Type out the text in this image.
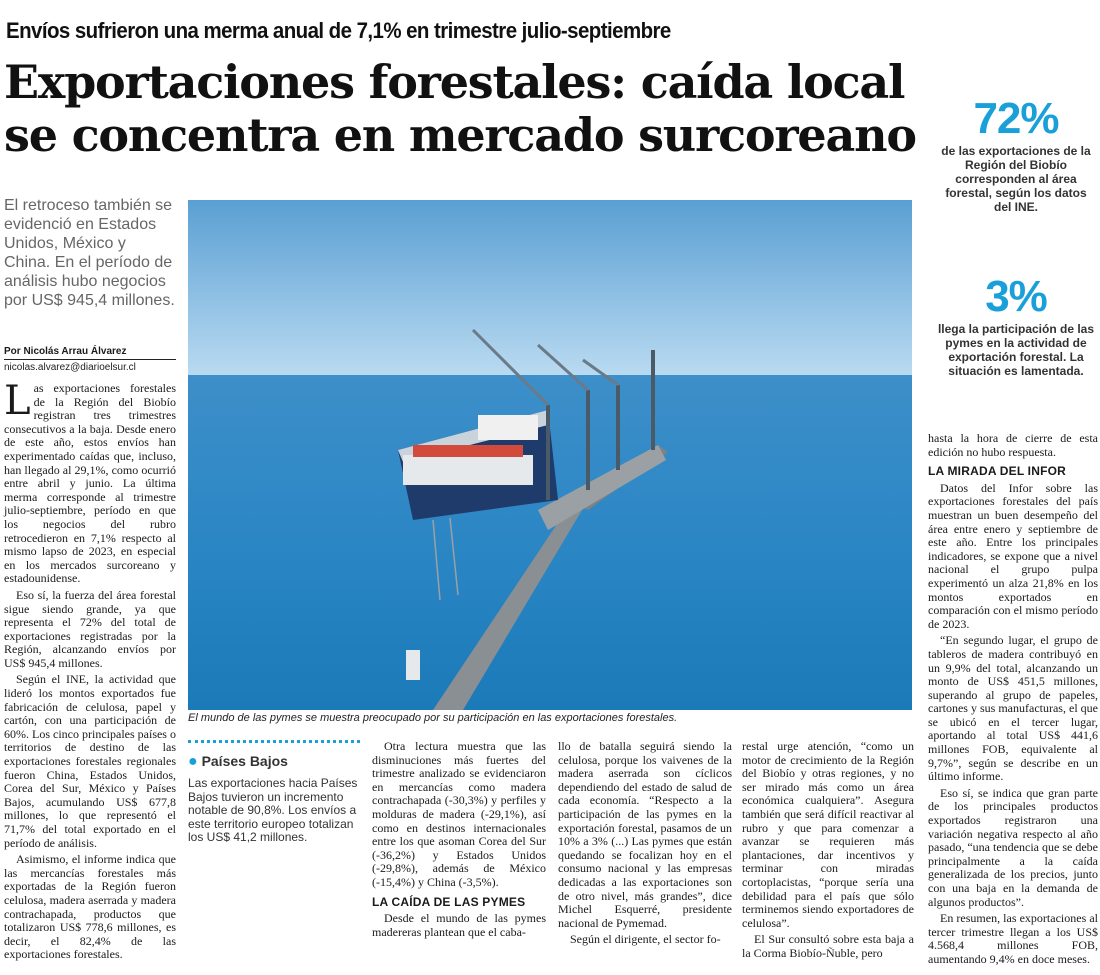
Envíos sufrieron una merma anual de 7,1% en trimestre julio-septiembre
Exportaciones forestales: caída local
se concentra en mercado surcoreano	72%
de las exportaciones de la Región del Biobío corresponden al área forestal, según los datos del INE.
3%
llega la participación de las pymes en la actividad de exportación forestal. La situación es lamentada.
El retroceso también se evidenció en Estados Unidos, México y China. En el período de análisis hubo negocios por US$ 945,4 millones.
Por Nicolás Arrau Álvarez
nicolas.alvarez@diarioelsur.cl
El mundo de las pymes se muestra preocupado por su participación en las exportaciones forestales.

Las exportaciones forestales de la Región del Biobío registran tres trimestres consecutivos a la baja. Desde enero de este año, estos envíos han experimentado caídas que, incluso, han llegado al 29,1%, como ocurrió entre abril y junio. La última merma corresponde al trimestre julio-septiembre, período en que los negocios del rubro retrocedieron en 7,1% respecto al mismo lapso de 2023, en especial en los mercados surcoreano y estadounidense.

Eso sí, la fuerza del área forestal sigue siendo grande, ya que representa el 72% del total de exportaciones registradas por la Región, alcanzando envíos por US$ 945,4 millones.

Según el INE, la actividad que lideró los montos exportados fue fabricación de celulosa, papel y cartón, con una participación de 60%. Los cinco principales países o territorios de destino de las exportaciones forestales regionales fueron China, Estados Unidos, Corea del Sur, México y Países Bajos, acumulando US$ 677,8 millones, lo que representó el 71,7% del total exportado en el período de análisis.

Asimismo, el informe indica que las mercancías forestales más exportadas de la Región fueron celulosa, madera aserrada y madera contrachapada, productos que totalizaron US$ 778,6 millones, es decir, el 82,4% de las exportaciones forestales.

● Países Bajos
Las exportaciones hacia Países Bajos tuvieron un incremento notable de 90,8%. Los envíos a este territorio europeo totalizan los US$ 41,2 millones.

Otra lectura muestra que las disminuciones más fuertes del trimestre analizado se evidenciaron en mercancías como madera contrachapada (-30,3%) y perfiles y molduras de madera (-29,1%), así como en destinos internacionales entre los que asoman Corea del Sur (-36,2%) y Estados Unidos (-29,8%), además de México (-15,4%) y China (-3,5%).

LA CAÍDA DE LAS PYMES

Desde el mundo de las pymes madereras plantean que el caba-

llo de batalla seguirá siendo la celulosa, porque los vaivenes de la madera aserrada son cíclicos dependiendo del estado de salud de cada economía. “Respecto a la participación de las pymes en la exportación forestal, pasamos de un 10% a 3% (...) Las pymes que están quedando se focalizan hoy en el consumo nacional y las empresas dedicadas a las exportaciones son de otro nivel, más grandes”, dice Michel Esquerré, presidente nacional de Pymemad.

Según el dirigente, el sector fo-

restal urge atención, “como un motor de crecimiento de la Región del Biobío y otras regiones, y no ser mirado más como un área económica cualquiera”. Asegura también que será difícil reactivar al rubro y que para comenzar a avanzar se requieren más plantaciones, dar incentivos y terminar con miradas cortoplacistas, “porque sería una debilidad para el país que sólo terminemos siendo exportadores de celulosa”.

El Sur consultó sobre esta baja a la Corma Biobío-Ñuble, pero

hasta la hora de cierre de esta edición no hubo respuesta.

LA MIRADA DEL INFOR

Datos del Infor sobre las exportaciones forestales del país muestran un buen desempeño del área entre enero y septiembre de este año. Entre los principales indicadores, se expone que a nivel nacional el grupo pulpa experimentó un alza 21,8% en los montos exportados en comparación con el mismo período de 2023.

“En segundo lugar, el grupo de tableros de madera contribuyó en un 9,9% del total, alcanzando un monto de US$ 451,5 millones, superando al grupo de papeles, cartones y sus manufacturas, el que se ubicó en el tercer lugar, aportando al total US$ 441,6 millones FOB, equivalente al 9,7%”, según se describe en un último informe.

Eso sí, se indica que gran parte de los principales productos exportados registraron una variación negativa respecto al año pasado, “una tendencia que se debe principalmente a la caída generalizada de los precios, junto con una baja en la demanda de algunos productos”.

En resumen, las exportaciones al tercer trimestre llegan a los US$ 4.568,4 millones FOB, aumentando 9,4% en doce meses.
